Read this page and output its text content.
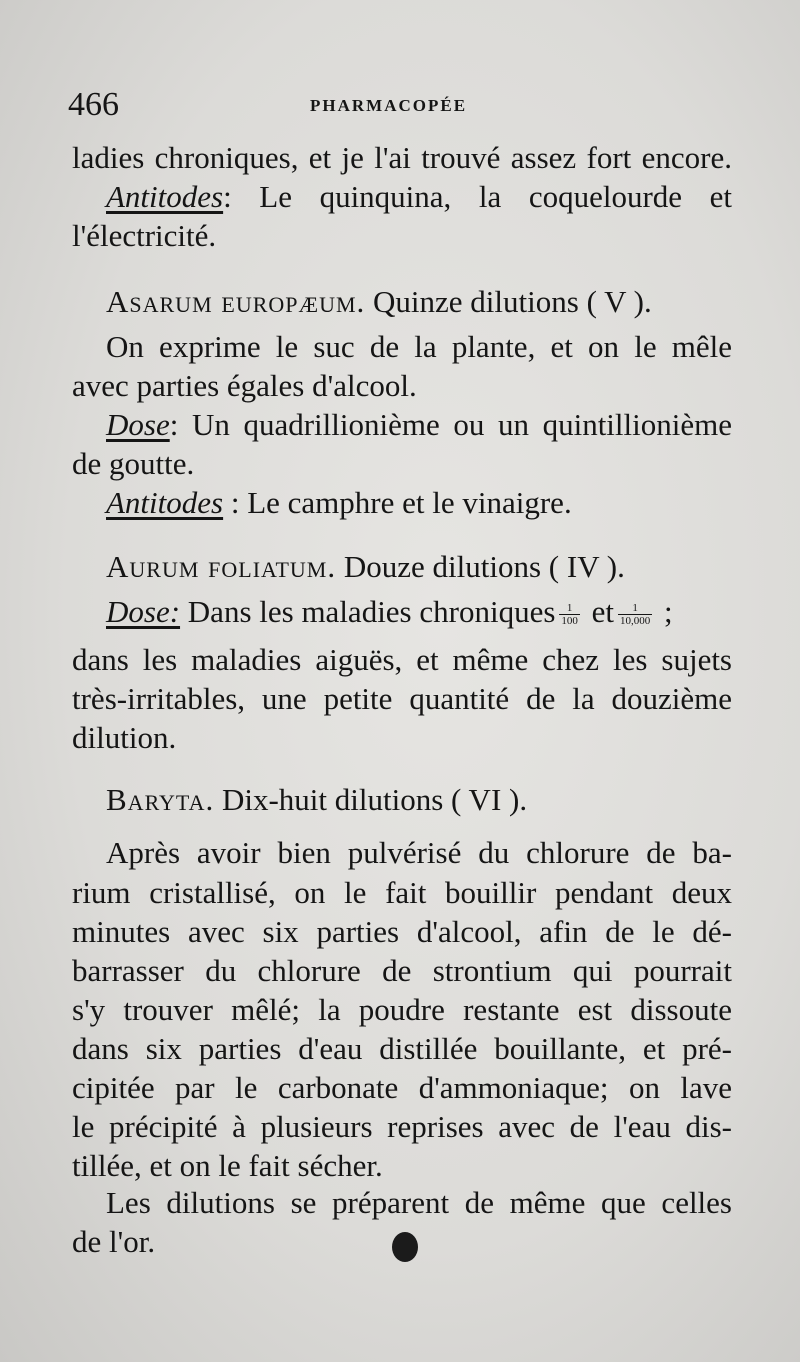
466	PHARMACOPÉE
ladies chroniques, et je l'ai trouvé assez fort encore.
Antitodes: Le quinquina, la coquelourde et
l'électricité.
Asarum europæum. Quinze dilutions ( V ).
On exprime le suc de la plante, et on le mêle
avec parties égales d'alcool.
Dose: Un quadrillionième ou un quintillionième
de goutte.
Antitodes : Le camphre et le vinaigre.
Aurum foliatum. Douze dilutions ( IV ).
Dose: Dans les maladies chroniques $\frac{1}{100}$ et $\frac{1}{10,000}$ ;
dans les maladies aiguës, et même chez les sujets
très-irritables, une petite quantité de la douzième
dilution.
Baryta. Dix-huit dilutions ( VI ).
Après avoir bien pulvérisé du chlorure de ba-
rium cristallisé, on le fait bouillir pendant deux
minutes avec six parties d'alcool, afin de le dé-
barrasser du chlorure de strontium qui pourrait
s'y trouver mêlé; la poudre restante est dissoute
dans six parties d'eau distillée bouillante, et pré-
cipitée par le carbonate d'ammoniaque; on lave
le précipité à plusieurs reprises avec de l'eau dis-
tillée, et on le fait sécher.
Les dilutions se préparent de même que celles
de l'or.
